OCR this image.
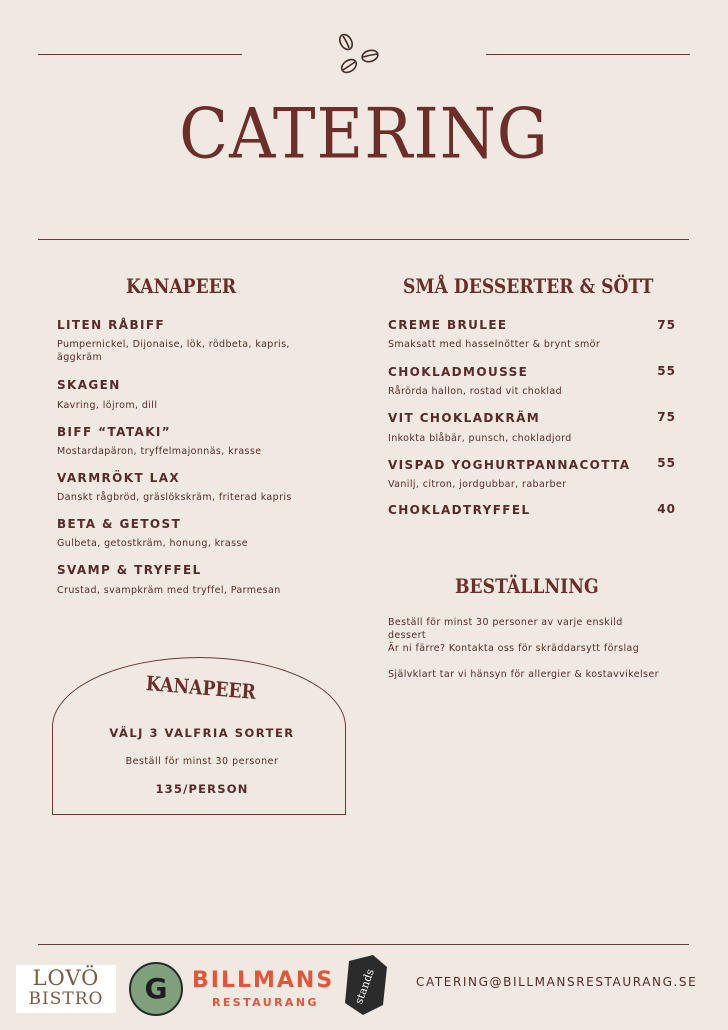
CATERING
KANAPEER
LITEN RÅBIFF
Pumpernickel, Dijonaise, lök, rödbeta, kapris, äggkräm
SKAGEN
Kavring, löjrom, dill
BIFF “TATAKI”
Mostardapäron, tryffelmajonnäs, krasse
VARMRÖKT LAX
Danskt rågbröd, gräslökskräm, friterad kapris
BETA & GETOST
Gulbeta, getostkräm, honung, krasse
SVAMP & TRYFFEL
Crustad, svampkräm med tryffel, Parmesan
SMÅ DESSERTER & SÖTT
CREME BRULEE	75
Smaksatt med hasselnötter & brynt smör
CHOKLADMOUSSE	55
Rårörda hallon, rostad vit choklad
VIT CHOKLADKRÄM	75
Inkokta blåbär, punsch, chokladjord
VISPAD YOGHURTPANNACOTTA 55
Vanilj, citron, jordgubbar, rabarber
CHOKLADTRYFFEL	40
BESTÄLLNING
Beställ för minst 30 personer av varje enskild dessert
Är ni färre? Kontakta oss för skräddarsytt förslag
Självklart tar vi hänsyn för allergier & kostavvikelser
KANAPEER
VÄLJ 3 VALFRIA SORTER
Beställ för minst 30 personer
135/PERSON
LOVÖ
BISTRO	G BILLMANS
RESTAURANG	stands	CATERING@BILLMANSRESTAURANG.SE
